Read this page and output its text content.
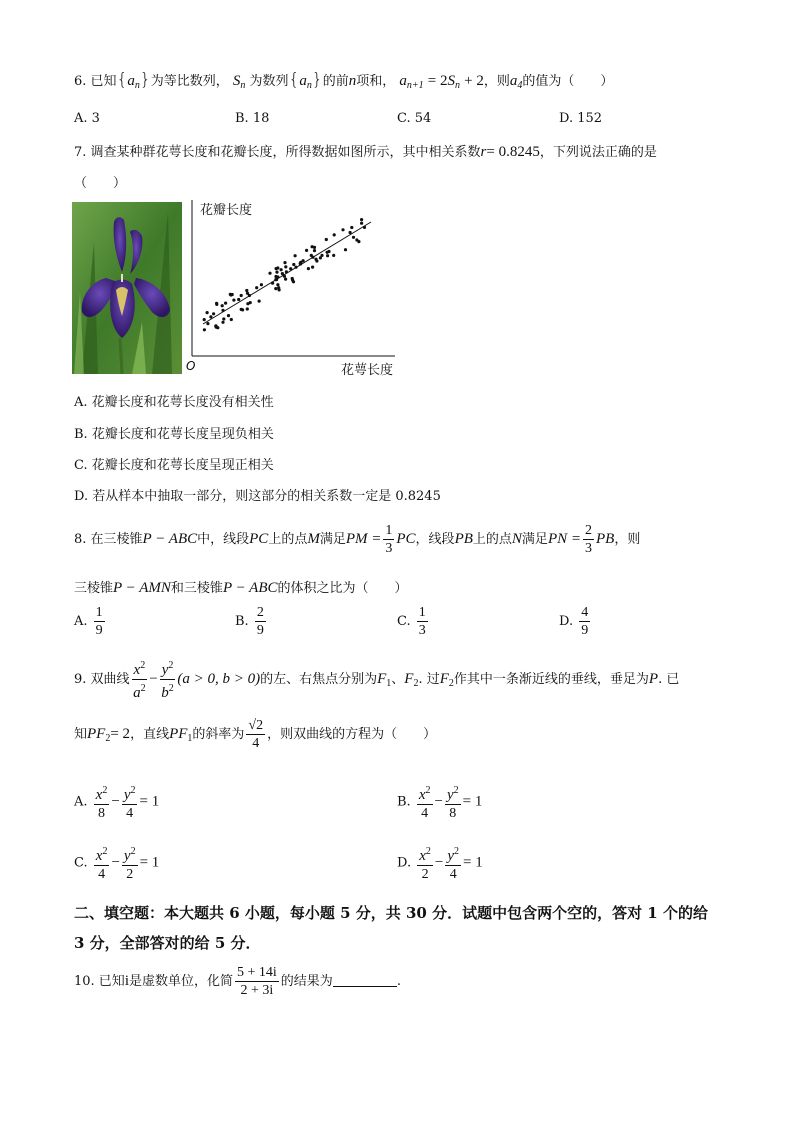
6. 已知$\{a_n\}$为等比数列， $S_n$ 为数列$\{a_n\}$的前n项和， $a_{n+1} = 2S_n + 2$，则$a_4$的值为（　　）
A. 3	B. 18	C. 54	D. 152
7. 调查某种群花萼长度和花瓣长度，所得数据如图所示，其中相关系数r= 0.8245，下列说法正确的是
（　　）
花瓣长度
花萼长度
O
A. 花瓣长度和花萼长度没有相关性
B. 花瓣长度和花萼长度呈现负相关
C. 花瓣长度和花萼长度呈现正相关
D. 若从样本中抽取一部分，则这部分的相关系数一定是 0.8245
8. 在三棱锥P − ABC中，线段PC上的点M满足PM = $\frac{1}{3}$ PC，线段PB上的点N满足PN = $\frac{2}{3}$ PB，则
三棱锥P − AMN和三棱锥P − ABC的体积之比为（　　）
A. $\frac{1}{9}$	B. $\frac{2}{9}$	C. $\frac{1}{3}$	D. $\frac{4}{9}$
9. 双曲线 $\frac{x^2}{a^2} - \frac{y^2}{b^2} (a > 0$, b > 0)的左、右焦点分别为$F_1$、$F_2$. 过$F_2$作其中一条渐近线的垂线，垂足为P. 已
知$PF_2= 2$，直线$PF_1$的斜率为 $\frac{√2}{4}$ ，则双曲线的方程为（　　）
A. $\frac{x^2}{8} - \frac{y^2}{4} = 1$	B. $\frac{x^2}{4} - \frac{y^2}{8} = 1$
C. $\frac{x^2}{4} - \frac{y^2}{2} = 1$	D. $\frac{x^2}{2} - \frac{y^2}{4} = 1$
二、填空题：本大题共 6 小题，每小题 5 分，共 30 分．试题中包含两个空的，答对 1 个的给
3 分，全部答对的给 5 分．
10. 已知i是虚数单位，化简 $\frac{5 + 14i}{2 + 3i}$ 的结果为	.
